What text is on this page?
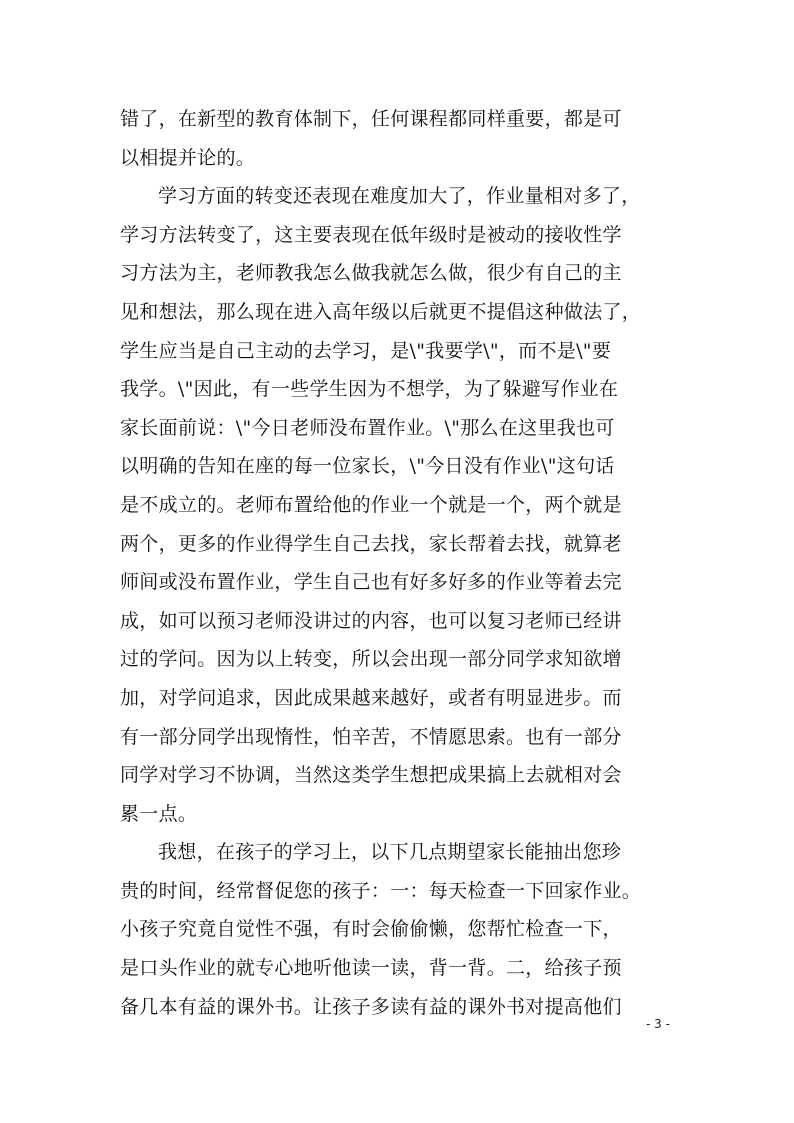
错了，在新型的教育体制下，任何课程都同样重要，都是可
以相提并论的。
学习方面的转变还表现在难度加大了，作业量相对多了，
学习方法转变了，这主要表现在低年级时是被动的接收性学
习方法为主，老师教我怎么做我就怎么做，很少有自己的主
见和想法，那么现在进入高年级以后就更不提倡这种做法了，
学生应当是自己主动的去学习，是\"我要学\"，而不是\"要
我学。\"因此，有一些学生因为不想学，为了躲避写作业在
家长面前说：\"今日老师没布置作业。\"那么在这里我也可
以明确的告知在座的每一位家长，\"今日没有作业\"这句话
是不成立的。老师布置给他的作业一个就是一个，两个就是
两个，更多的作业得学生自己去找，家长帮着去找，就算老
师间或没布置作业，学生自己也有好多好多的作业等着去完
成，如可以预习老师没讲过的内容，也可以复习老师已经讲
过的学问。因为以上转变，所以会出现一部分同学求知欲增
加，对学问追求，因此成果越来越好，或者有明显进步。而
有一部分同学出现惰性，怕辛苦，不情愿思索。也有一部分
同学对学习不协调，当然这类学生想把成果搞上去就相对会
累一点。
我想，在孩子的学习上，以下几点期望家长能抽出您珍
贵的时间，经常督促您的孩子：一：每天检查一下回家作业。
小孩子究竟自觉性不强，有时会偷偷懒，您帮忙检查一下，
是口头作业的就专心地听他读一读，背一背。二，给孩子预
备几本有益的课外书。让孩子多读有益的课外书对提高他们
- 3 -
